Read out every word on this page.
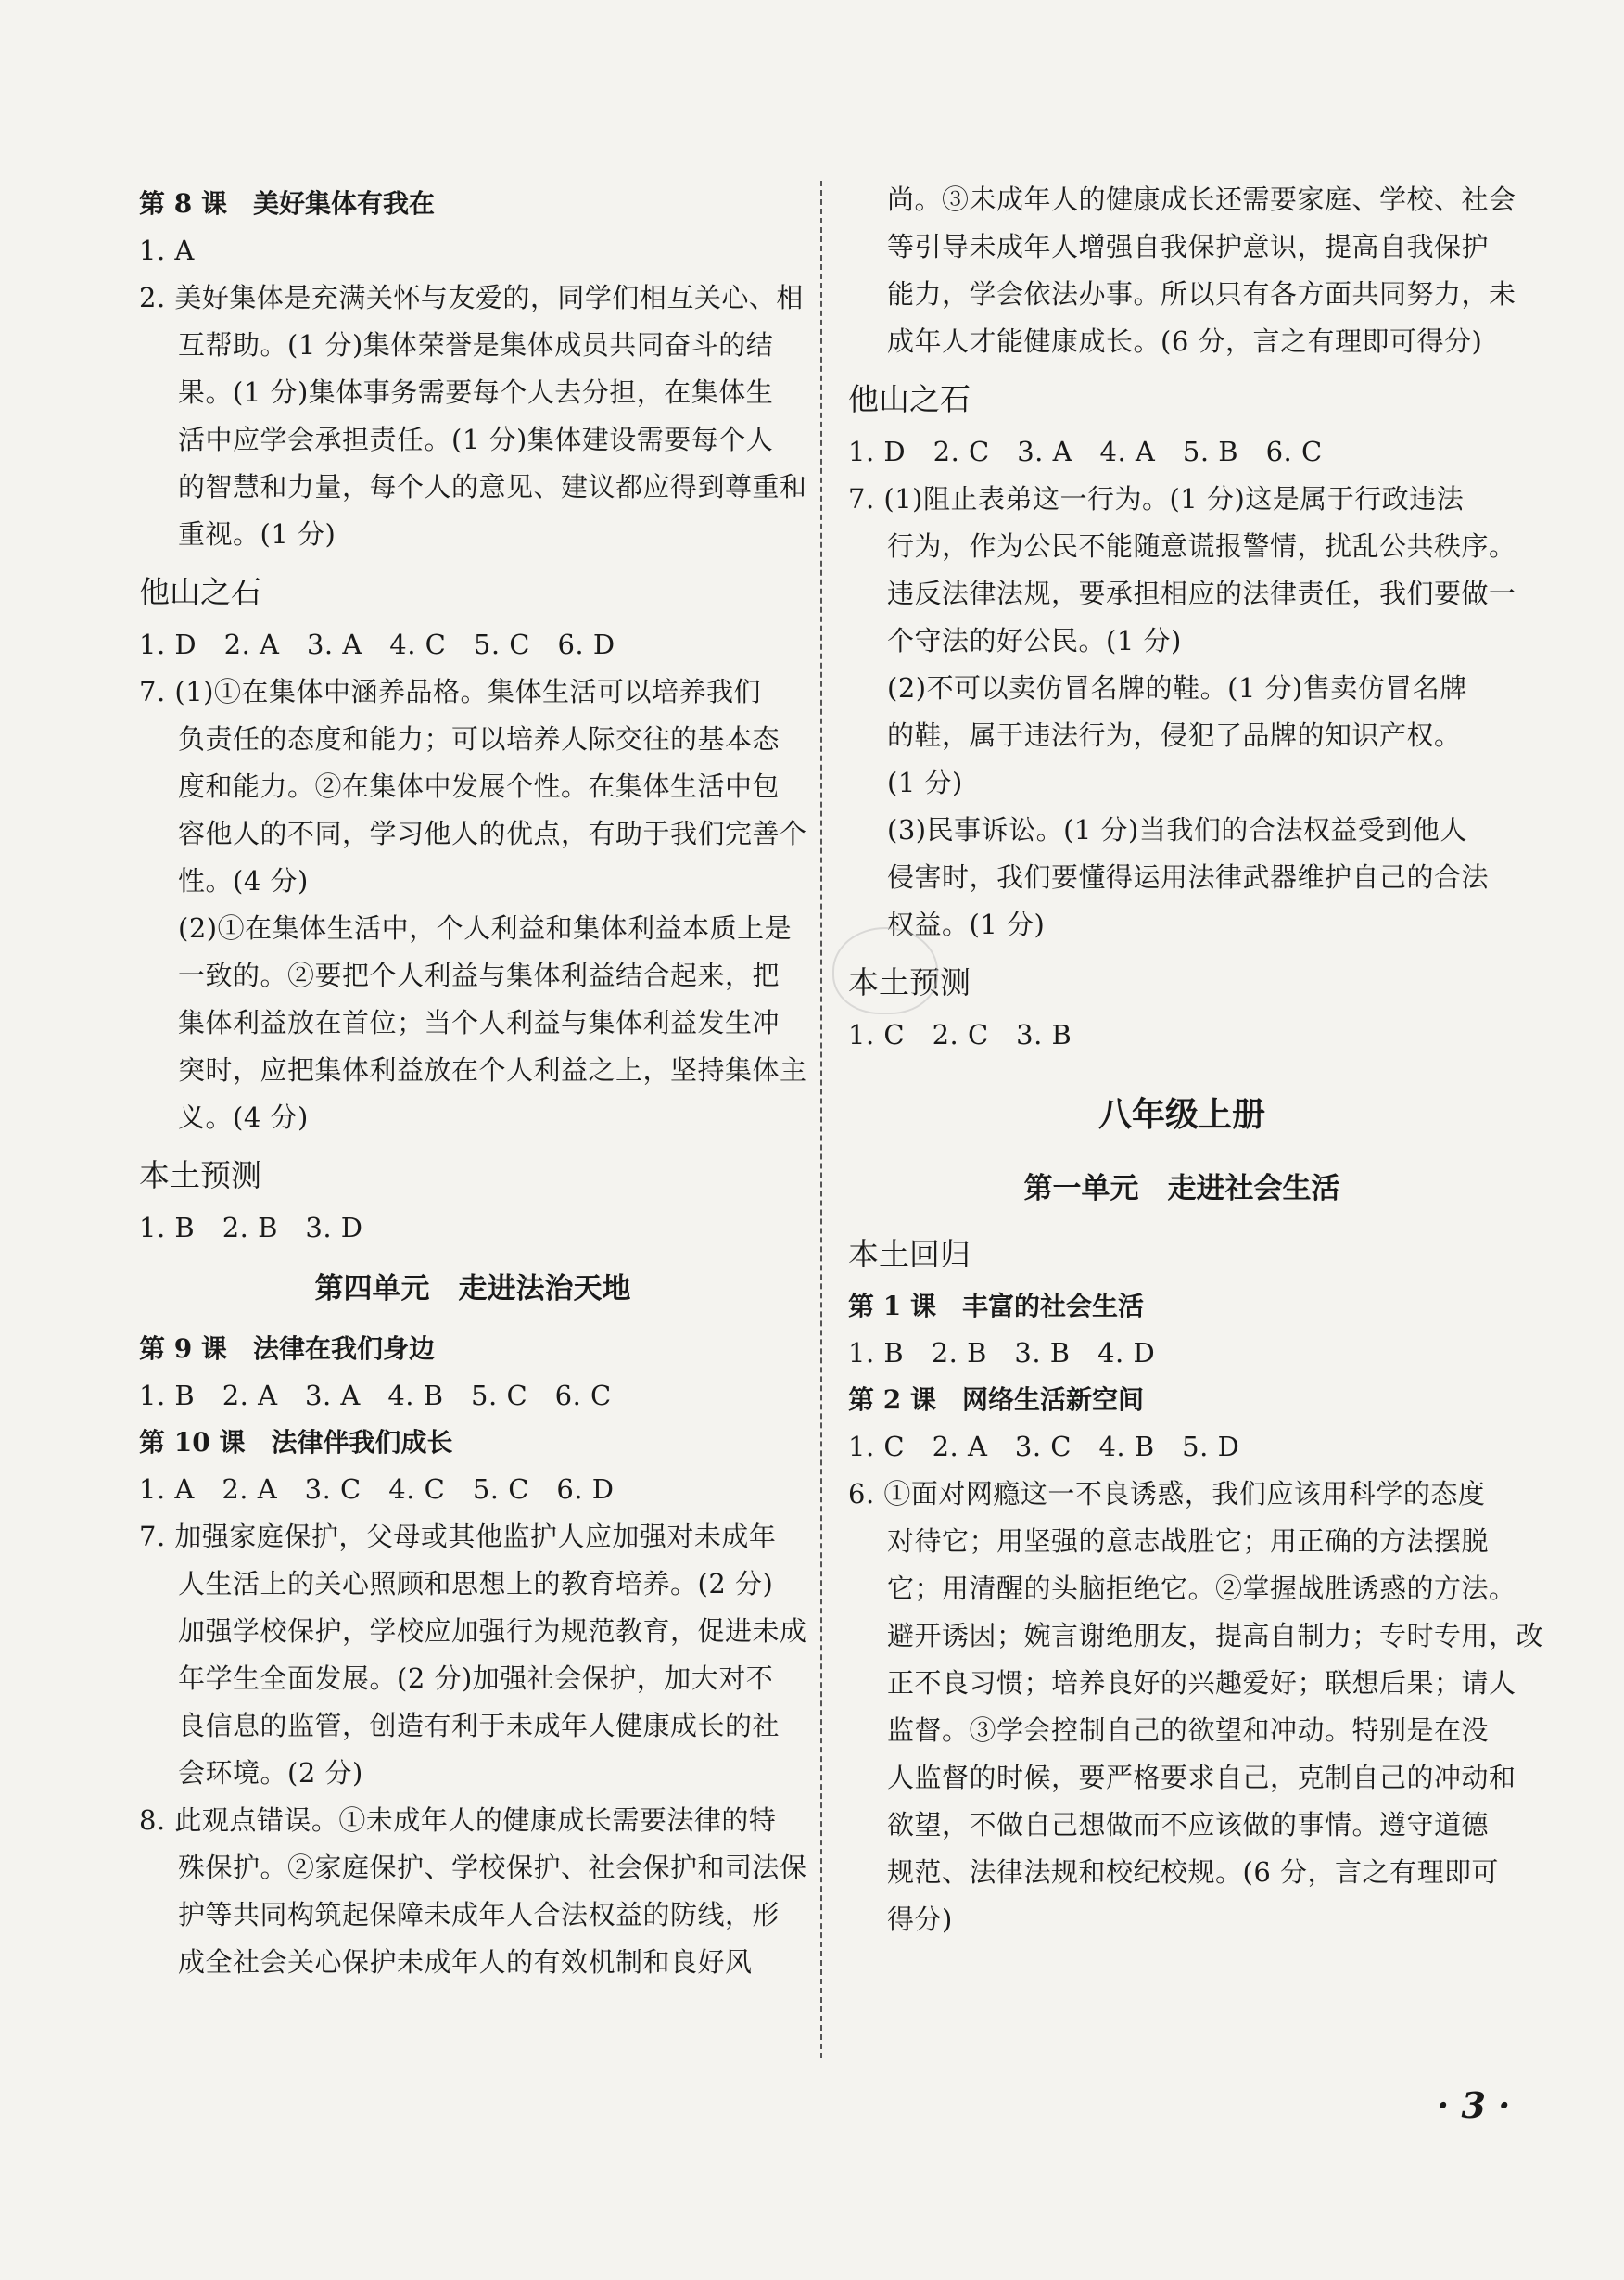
第 8 课　美好集体有我在

1. A

2. 美好集体是充满关怀与友爱的，同学们相互关心、相

互帮助。(1 分)集体荣誉是集体成员共同奋斗的结

果。(1 分)集体事务需要每个人去分担，在集体生

活中应学会承担责任。(1 分)集体建设需要每个人

的智慧和力量，每个人的意见、建议都应得到尊重和

重视。(1 分)

他山之石

1. D　2. A　3. A　4. C　5. C　6. D

7. (1)①在集体中涵养品格。集体生活可以培养我们

负责任的态度和能力；可以培养人际交往的基本态

度和能力。②在集体中发展个性。在集体生活中包

容他人的不同，学习他人的优点，有助于我们完善个

性。(4 分)

(2)①在集体生活中，个人利益和集体利益本质上是

一致的。②要把个人利益与集体利益结合起来，把

集体利益放在首位；当个人利益与集体利益发生冲

突时，应把集体利益放在个人利益之上，坚持集体主

义。(4 分)

本土预测

1. B　2. B　3. D

第四单元　走进法治天地

第 9 课　法律在我们身边

1. B　2. A　3. A　4. B　5. C　6. C

第 10 课　法律伴我们成长

1. A　2. A　3. C　4. C　5. C　6. D

7. 加强家庭保护，父母或其他监护人应加强对未成年

人生活上的关心照顾和思想上的教育培养。(2 分)

加强学校保护，学校应加强行为规范教育，促进未成

年学生全面发展。(2 分)加强社会保护，加大对不

良信息的监管，创造有利于未成年人健康成长的社

会环境。(2 分)

8. 此观点错误。①未成年人的健康成长需要法律的特

殊保护。②家庭保护、学校保护、社会保护和司法保

护等共同构筑起保障未成年人合法权益的防线，形

成全社会关心保护未成年人的有效机制和良好风

尚。③未成年人的健康成长还需要家庭、学校、社会

等引导未成年人增强自我保护意识，提高自我保护

能力，学会依法办事。所以只有各方面共同努力，未

成年人才能健康成长。(6 分，言之有理即可得分)

他山之石

1. D　2. C　3. A　4. A　5. B　6. C

7. (1)阻止表弟这一行为。(1 分)这是属于行政违法

行为，作为公民不能随意谎报警情，扰乱公共秩序。

违反法律法规，要承担相应的法律责任，我们要做一

个守法的好公民。(1 分)

(2)不可以卖仿冒名牌的鞋。(1 分)售卖仿冒名牌

的鞋，属于违法行为，侵犯了品牌的知识产权。

(1 分)

(3)民事诉讼。(1 分)当我们的合法权益受到他人

侵害时，我们要懂得运用法律武器维护自己的合法

权益。(1 分)

本土预测

1. C　2. C　3. B

八年级上册

第一单元　走进社会生活

本土回归

第 1 课　丰富的社会生活

1. B　2. B　3. B　4. D

第 2 课　网络生活新空间

1. C　2. A　3. C　4. B　5. D

6. ①面对网瘾这一不良诱惑，我们应该用科学的态度

对待它；用坚强的意志战胜它；用正确的方法摆脱

它；用清醒的头脑拒绝它。②掌握战胜诱惑的方法。

避开诱因；婉言谢绝朋友，提高自制力；专时专用，改

正不良习惯；培养良好的兴趣爱好；联想后果；请人

监督。③学会控制自己的欲望和冲动。特别是在没

人监督的时候，要严格要求自己，克制自己的冲动和

欲望，不做自己想做而不应该做的事情。遵守道德

规范、法律法规和校纪校规。(6 分，言之有理即可

得分)

· 3 ·
